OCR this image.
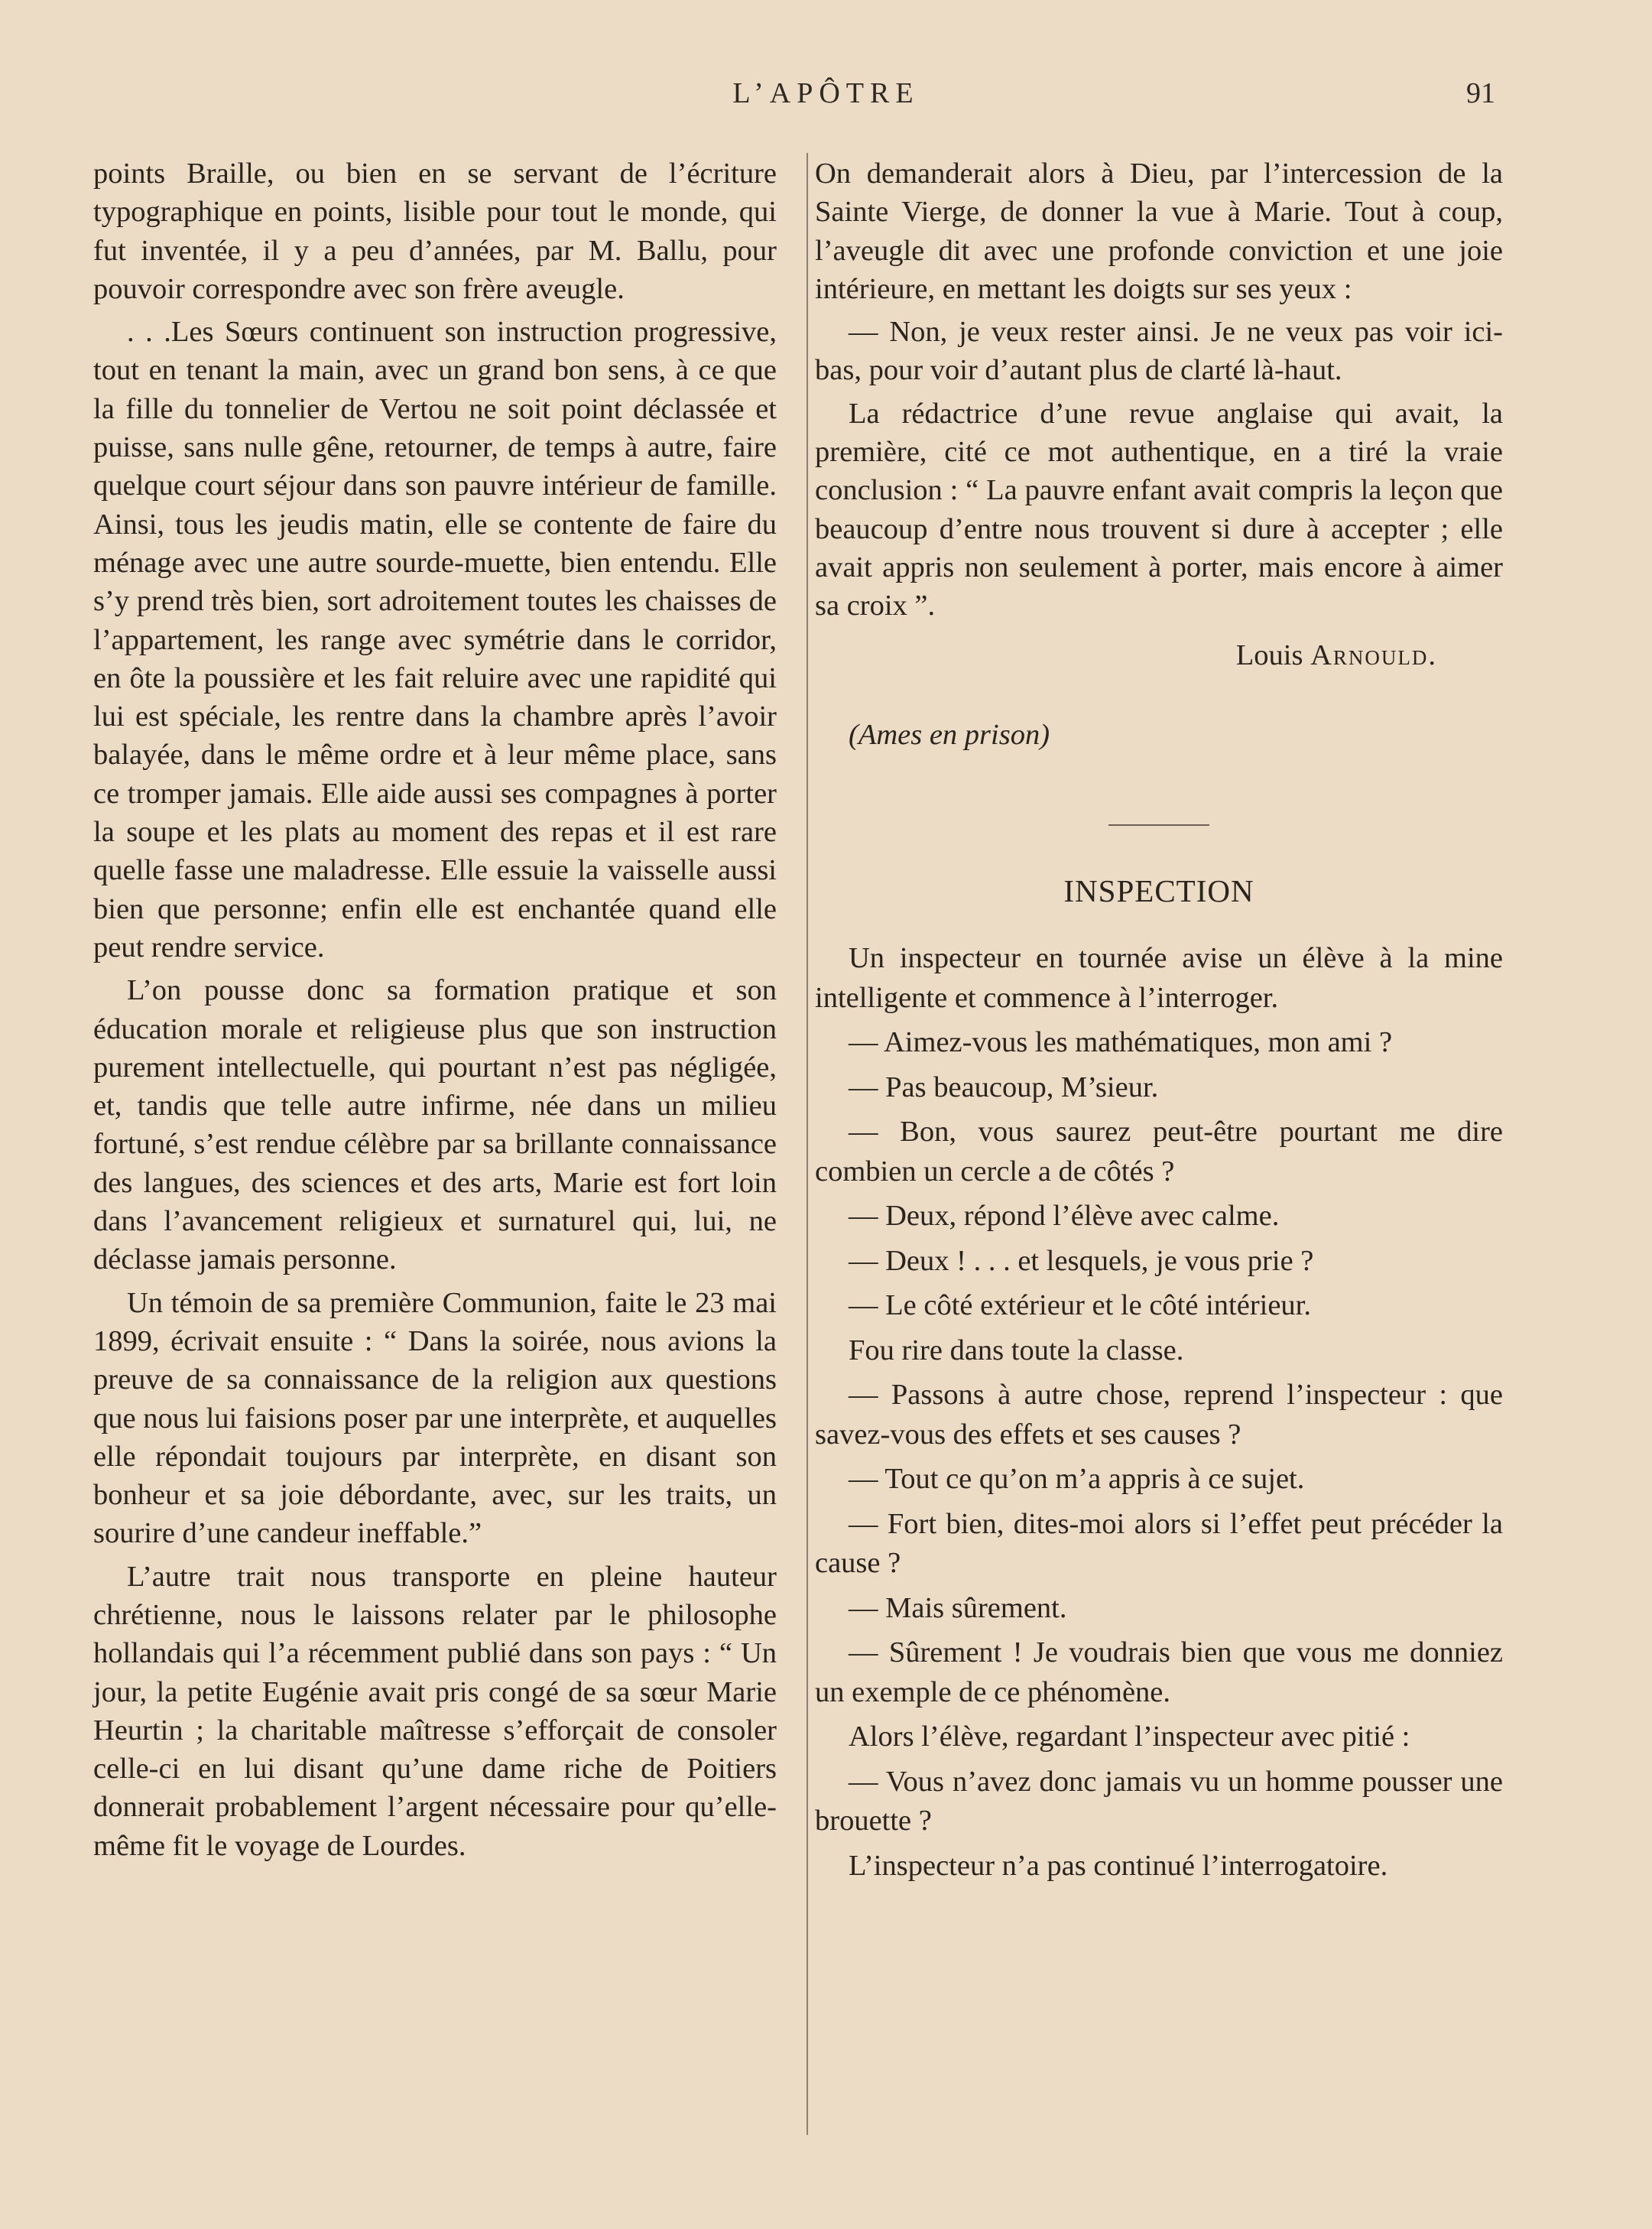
L’APÔTRE	91

points Braille, ou bien en se servant de l’écriture typographique en points, lisible pour tout le monde, qui fut inventée, il y a peu d’années, par M. Ballu, pour pouvoir correspondre avec son frère aveugle.

. . .Les Sœurs continuent son instruction progressive, tout en tenant la main, avec un grand bon sens, à ce que la fille du tonnelier de Vertou ne soit point déclassée et puisse, sans nulle gêne, retourner, de temps à autre, faire quelque court séjour dans son pauvre intérieur de famille. Ainsi, tous les jeudis matin, elle se contente de faire du ménage avec une autre sourde-muette, bien entendu. Elle s’y prend très bien, sort adroitement toutes les chaisses de l’appartement, les range avec symétrie dans le corridor, en ôte la poussière et les fait reluire avec une rapidité qui lui est spéciale, les rentre dans la chambre après l’avoir balayée, dans le même ordre et à leur même place, sans ce tromper jamais. Elle aide aussi ses compagnes à porter la soupe et les plats au moment des repas et il est rare quelle fasse une maladresse. Elle essuie la vaisselle aussi bien que personne; enfin elle est enchantée quand elle peut rendre service.

L’on pousse donc sa formation pratique et son éducation morale et religieuse plus que son instruction purement intellectuelle, qui pourtant n’est pas négligée, et, tandis que telle autre infirme, née dans un milieu fortuné, s’est rendue célèbre par sa brillante connaissance des langues, des sciences et des arts, Marie est fort loin dans l’avancement religieux et surnaturel qui, lui, ne déclasse jamais personne.

Un témoin de sa première Communion, faite le 23 mai 1899, écrivait ensuite : “ Dans la soirée, nous avions la preuve de sa connaissance de la religion aux questions que nous lui faisions poser par une interprète, et auquelles elle répondait toujours par interprète, en disant son bonheur et sa joie débordante, avec, sur les traits, un sourire d’une candeur ineffable.”

L’autre trait nous transporte en pleine hauteur chrétienne, nous le laissons relater par le philosophe hollandais qui l’a récemment publié dans son pays : “ Un jour, la petite Eugénie avait pris congé de sa sœur Marie Heurtin ; la charitable maîtresse s’efforçait de consoler celle-ci en lui disant qu’une dame riche de Poitiers donnerait probablement l’argent nécessaire pour qu’elle-même fit le voyage de Lourdes.

On demanderait alors à Dieu, par l’intercession de la Sainte Vierge, de donner la vue à Marie. Tout à coup, l’aveugle dit avec une profonde conviction et une joie intérieure, en mettant les doigts sur ses yeux :

— Non, je veux rester ainsi. Je ne veux pas voir ici-bas, pour voir d’autant plus de clarté là-haut.

La rédactrice d’une revue anglaise qui avait, la première, cité ce mot authentique, en a tiré la vraie conclusion : “ La pauvre enfant avait compris la leçon que beaucoup d’entre nous trouvent si dure à accepter ; elle avait appris non seulement à porter, mais encore à aimer sa croix ”.

Louis Arnould.
(Ames en prison)
INSPECTION

Un inspecteur en tournée avise un élève à la mine intelligente et commence à l’interroger.

— Aimez-vous les mathématiques, mon ami ?

— Pas beaucoup, M’sieur.

— Bon, vous saurez peut-être pourtant me dire combien un cercle a de côtés ?

— Deux, répond l’élève avec calme.

— Deux ! . . . et lesquels, je vous prie ?

— Le côté extérieur et le côté intérieur.

Fou rire dans toute la classe.

— Passons à autre chose, reprend l’inspecteur : que savez-vous des effets et ses causes ?

— Tout ce qu’on m’a appris à ce sujet.

— Fort bien, dites-moi alors si l’effet peut précéder la cause ?

— Mais sûrement.

— Sûrement ! Je voudrais bien que vous me donniez un exemple de ce phénomène.

Alors l’élève, regardant l’inspecteur avec pitié :

— Vous n’avez donc jamais vu un homme pousser une brouette ?

L’inspecteur n’a pas continué l’interrogatoire.
